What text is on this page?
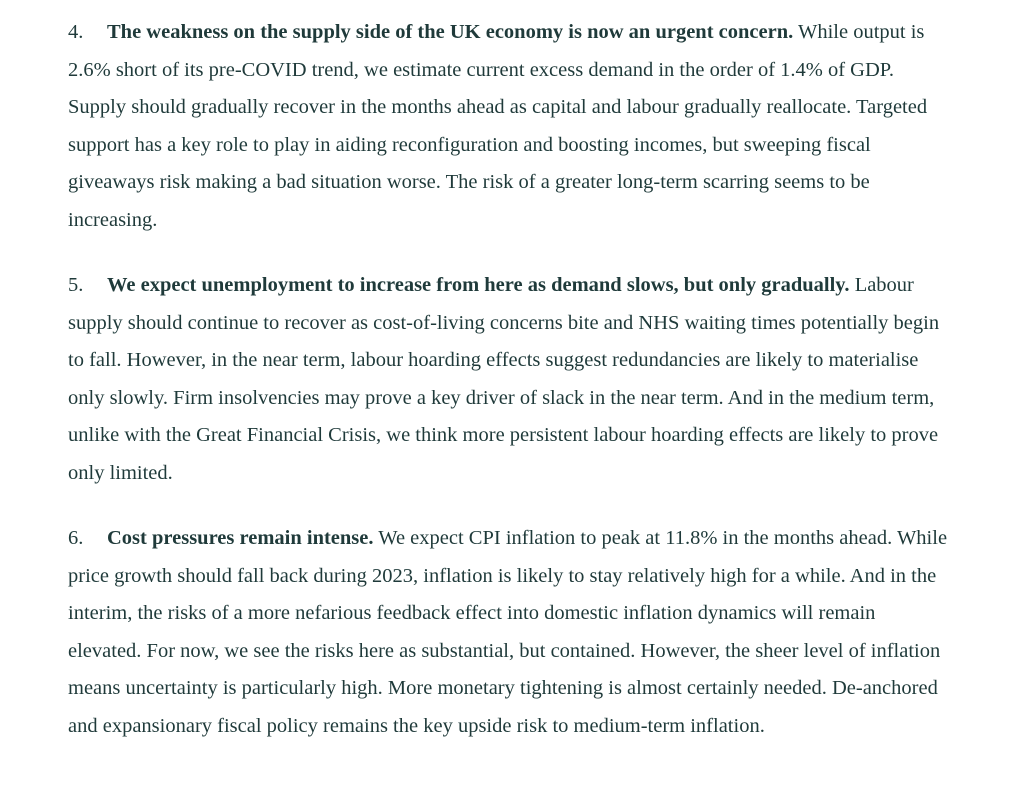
4. The weakness on the supply side of the UK economy is now an urgent concern. While output is 2.6% short of its pre-COVID trend, we estimate current excess demand in the order of 1.4% of GDP. Supply should gradually recover in the months ahead as capital and labour gradually reallocate. Targeted support has a key role to play in aiding reconfiguration and boosting incomes, but sweeping fiscal giveaways risk making a bad situation worse. The risk of a greater long-term scarring seems to be increasing.

5. We expect unemployment to increase from here as demand slows, but only gradually. Labour supply should continue to recover as cost-of-living concerns bite and NHS waiting times potentially begin to fall. However, in the near term, labour hoarding effects suggest redundancies are likely to materialise only slowly. Firm insolvencies may prove a key driver of slack in the near term. And in the medium term, unlike with the Great Financial Crisis, we think more persistent labour hoarding effects are likely to prove only limited.

6. Cost pressures remain intense. We expect CPI inflation to peak at 11.8% in the months ahead. While price growth should fall back during 2023, inflation is likely to stay relatively high for a while. And in the interim, the risks of a more nefarious feedback effect into domestic inflation dynamics will remain elevated. For now, we see the risks here as substantial, but contained. However, the sheer level of inflation means uncertainty is particularly high. More monetary tightening is almost certainly needed. De-anchored and expansionary fiscal policy remains the key upside risk to medium-term inflation.
